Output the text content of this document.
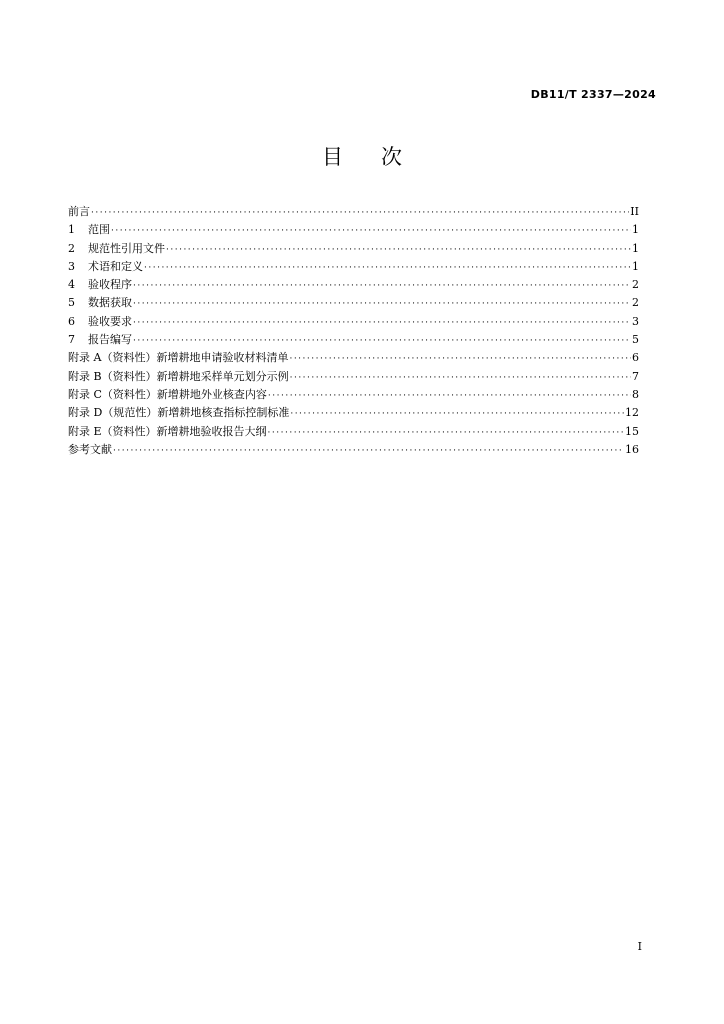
DB11/T 2337—2024
目 次
前言 ·····	II
1	范围 ·····	1
2	规范性引用文件 ·····	1
3	术语和定义 ·····	1
4	验收程序 ·····	2
5	数据获取 ·····	2
6	验收要求 ·····	3
7	报告编写 ·····	5
附录 A（资料性）新增耕地申请验收材料清单 ·····	6
附录 B（资料性）新增耕地采样单元划分示例 ·····	7
附录 C（资料性）新增耕地外业核查内容 ·····	8
附录 D（规范性）新增耕地核查指标控制标准 ·····	12
附录 E（资料性）新增耕地验收报告大纲 ·····	15
参考文献 ·····	16
I
